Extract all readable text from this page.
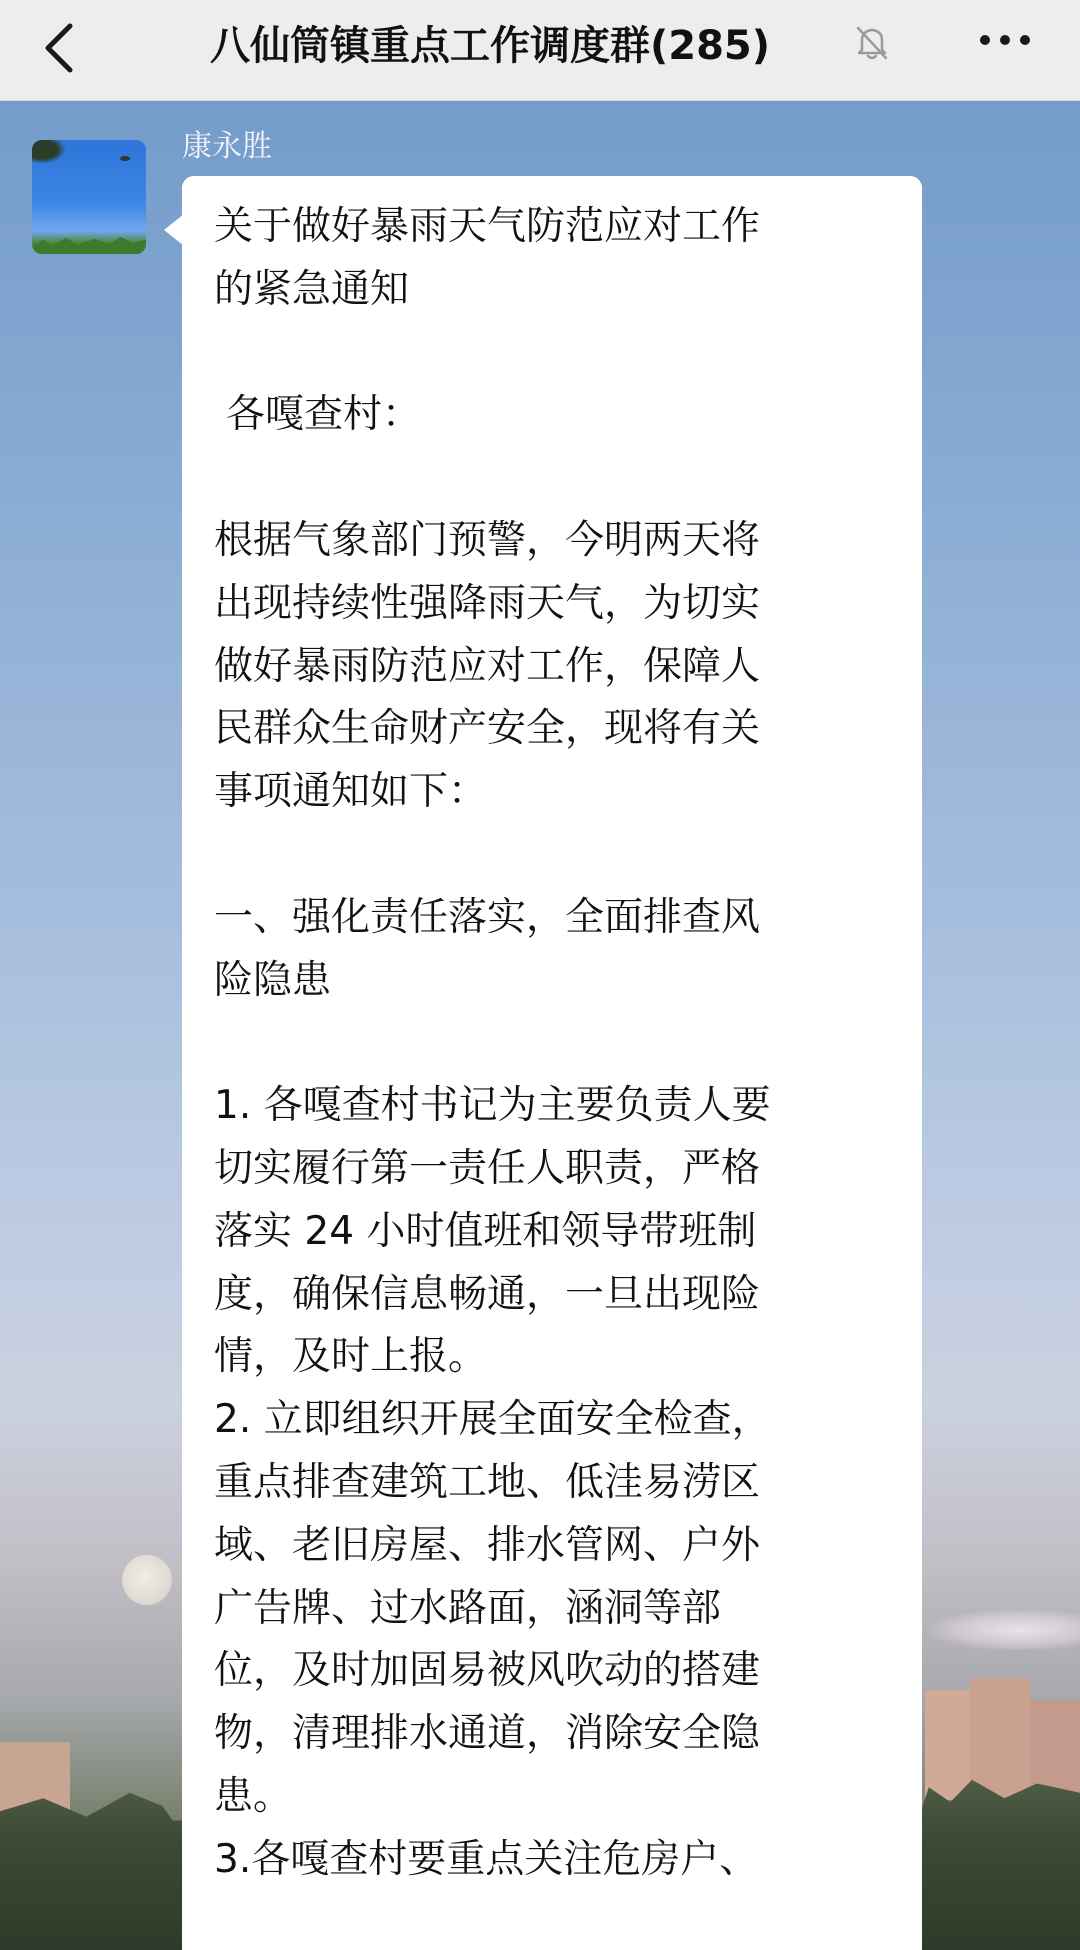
八仙筒镇重点工作调度群(285)
康永胜
关于做好暴雨天气防范应对工作
的紧急通知
各嘎查村：
根据气象部门预警，今明两天将
出现持续性强降雨天气，为切实
做好暴雨防范应对工作，保障人
民群众生命财产安全，现将有关
事项通知如下：
一、强化责任落实，全面排查风
险隐患
1. 各嘎查村书记为主要负责人要
切实履行第一责任人职责，严格
落实 24 小时值班和领导带班制
度，确保信息畅通，一旦出现险
情，及时上报。
2. 立即组织开展全面安全检查，
重点排查建筑工地、低洼易涝区
域、老旧房屋、排水管网、户外
广告牌、过水路面，涵洞等部
位，及时加固易被风吹动的搭建
物，清理排水通道，消除安全隐
患。
3.各嘎查村要重点关注危房户、
